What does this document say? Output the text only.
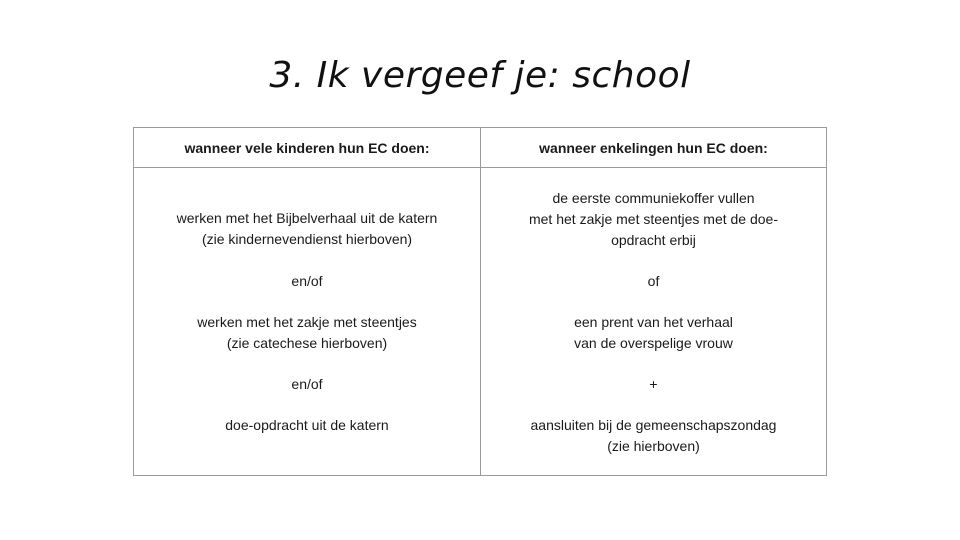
3. Ik vergeef je: school
wanneer vele kinderen hun EC doen:
werken met het Bijbelverhaal uit de katern
(zie kindernevendienst hierboven)
en/of
werken met het zakje met steentjes
(zie catechese hierboven)
en/of
doe-opdracht uit de katern
wanneer enkelingen hun EC doen:
de eerste communiekoffer vullen
met het zakje met steentjes met de doe-
opdracht erbij
of
een prent van het verhaal
van de overspelige vrouw
+
aansluiten bij de gemeenschapszondag
(zie hierboven)
